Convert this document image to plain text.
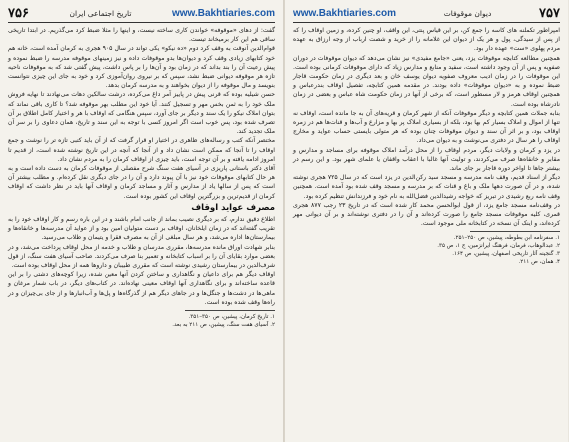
۷۵۶	تاریخ اجتماعی ایران	www.Bakhtiaries.com

گفت: از دهای «موقوفه» خواندن کاری ساخته نیست، و اینها را مثلا ضبط کرد می‌گذریم. در ابتدا تاریخی ساقی هم این کار برمیخاند تیست.

قوام‌الدین آنوقت به وقف کرد دوم «ده نیکو» یکی تواند در سال ۹۰۵ هجری به کرمان آمده است، خانه هم خود کتابهای زیادی وقف کرد و دیوان‌ها بدو موقوفات داده و نیز زمینهای موقوفه مدرسه را ضبط نموده و پیش رعیت آن را بند بداند که در زمان بود و آن‌ها را بر پاس داشت، پیش گفتی شد که به موقوفات ناحیه تازه هر موقوفه دیوانی ضبط نشد، سپس که بر نیروی روان‌آموزی کرد و خود به جای این چیزی نتوانست بنویسد و مال موقوفه را از دیوان بخواهند و به مدرسه کرمان بدهد.

حسن شیلیه بوده که قرنی پیش در پاییز آمر داغ می‌کرده، درشت سالکین دهات می‌نهادند تا نهایه فروش ملک خود را به ثمن بخس مهر و تسجیل کنند. آیا خود این مطلب بهر موقوفه شد؟ تا کاری باقی نماند که بتوان املاک نیکو را یک سند و دیگر بر جای آورد، سپس هنگامی که اوقاف با هر و اختیار کامل اطلاق بر آن تصرف شده بود، پس خوب است اگر امروز کسی با توجه به این سند و تاریخ، همان دعاوی را بر سر آن ملک تجدید کند.

مختصر آنکه کتب و رساله‌های ظاهری در اختیار او قرار گرفت که از آن باید کتبی تازه تر را نوشت و جمع اوقاف را تا آنجا که ممکن است نشان داد و از آنجا که آنچه در این تاریخ نوشته شده است، از قدیم تا امروز ادامه یافته و بر آن توجه است، باید چیزی از اوقاف کرمان را به مردم نشان داد.

آقای دکتر باستانی پاریزی در آسیای هفت سنگ شرح مفصلی از موقوفات کرمان به دست داده است و به هر حال کتابهای موقوفات خود نیز با آن پیوند دارد و آن را در جای دیگری نقل کرده‌ام. و مطلب بیشتر آن است که پس از سالها یاد از مدارس و آثار و مساجد کرمان و اوقاف آنها باید در نظر داشت که اوقاف کرمان از قدیم‌ترین و بزرگترین اوقاف این کشور بوده است.

مصرف عواید اوقاف

اطلاع دقیق ندارم، که بر دیگری نصیب بماند از جانب امام باشند و در این باره رسم و کار اوقاف خود را به تقریب گفته‌اند که در زمان ایلخانان، اوقاف بر دست متولیان امین بود و از عواید آن مدرسه‌ها و خانقاه‌ها و بیمارستان‌ها اداره می‌شد، و هر سال مبلغی از آن به مصرف فقرا و یتیمان و طلاب می‌رسید.

بنابر شهادت اوراق مانده مدرسه‌ها، مقرری مدرسان و طلاب و خدمه از محل اوقاف پرداخت می‌شد، و در بعضی موارد بقایای آن را بر اسباب کتابخانه و تعمیر بنا صرف می‌کردند. صاحب آسیای هفت سنگ، از قول شرف‌الدین در بیمارستان رشیدی نوشته است که مقرری طبیبان و داروها همه از محل اوقاف بوده است.

اوقاف دیگر هم برای داعیان و نگاهداری و ساختن کردن آنها معین شده، زیرا کوچه‌های دشتی را بر این قاعده ساخته‌اند و برای نگاهداری آنها اوقاف معینی نهاده‌اند. در کتاب‌های دیگر، در باب شمار مرغان و ماهی‌ها در دشت‌ها و جنگل‌ها و در جاهای دیگر هم از گذرگاه‌ها و پل‌ها و آب‌انبارها و از جای بی‌چیزان و در راه‌ها وقف شده بوده است.

۱. تاریخ کرمان، پیشین، ص ۳۵۰–۳۵۱.
۲. آسیای هفت سنگ، پیشین، ص ۲۱۱ به بعد.
www.Bakhtiaries.com	دیوان موقوفات	۷۵۷

امپراطور تکملنه های کاسه را جمع کن، بر این قیاس پنتی، این واقف، او چنین کرده، و زمین اوقاف را که از پس از سیدگی، پول و هر یک از دیوان این غلامانه را از خرید و شصت ارباب از وجه ارزاق به عهده مردم پهلوی «ست» عهده دار بود.

همچنین مطالعه کتابچه موقوفات یزد، یعنی «جامع مفیدی» نیز نشان می‌دهد که دیوان موقوفات در دوران صفویه و پس از آن وجود داشته است، سفید و منابع و مدارس زیاد که دارای موقوفات کرمانی بوده است. این موقوفات را در زمان ادیب معروف صفویه دیوان یوسف خان و بعد دیگری در زمان حکومت قاجار ضبط نموده و به «دیوان موقوفات» داده بودند. در مقدمه همین کتابچه، تفصیل اوقاف بندرعباس و همچنین اوقاف هرمز و لار مسطور است، که برخی از آنها در زمان حکومت شاه عباس و بعضی در زمان نادرشاه بوده است.

بنابه جملات همین کتابچه و دیگر موقوفات آنکه از شهر کرمان و قریه‌های آن به جا مانده است، اوقاف نه تنها از اموال و املاک بسیار کم بها بود، بلکه از بسیاری املاک پر بها و مزارع و آب‌ها و قنات‌ها هم در زمره اوقاف بود، و بر اثر آن سند و دیوان موقوفات چنان بوده که هر متولی بایستی حساب عواید و مخارج اوقاف را هر سال در دفتری می‌نوشت و به دیوان می‌داد.

در یزد و کرمان و ولایات دیگر، مردم اوقاف را از محل درآمد املاک موقوفه برای مساجد و مدارس و مقابر و خانقاه‌ها صرف می‌کردند، و تولیت آنها غالبا با اعقاب واقفان یا علمای شهر بود. و این رسم در بیشتر جاها تا اواخر دوره قاجار بر جای ماند.

دیگر از اسناد قدیم، وقف نامه مدرسه و مسجد سید رکن‌الدین در یزد است که در سال ۷۲۵ هجری نوشته شده، و در آن صورت دهها ملک و باغ و قنات که بر مدرسه و مسجد وقف شده بود آمده است. همچنین وقف نامه ربع رشیدی در تبریز که خواجه رشیدالدین فضل‌الله به نام خود و فرزندانش تنظیم کرده بود.

در وقف‌نامه مسجد جامع یزد، از قول ابوالحسن محمد کار شده است که در تاریخ ۲۳ رجب ۸۷۷ هجری قمری، کلیه موقوفات مسجد جامع را صورت کرده‌اند و آن را در دفتری نوشته‌اند و بر آن دیوانی مهر کرده‌اند، و اینک آن نسخه در کتابخانه ملی موجود است.

۱. سفرنامه ابن بطوطه، پیشین، ص ۲۵۰–۲۵۱.
۲. عبدالوهاب، فرمان، فرهنگ ایرانزمین، ج ۱، ص ۳۵.
۳. گنجینه آثار تاریخی اصفهان، پیشین، ص ۱۶۴.
۴. همان، ص ۲۱۱.
